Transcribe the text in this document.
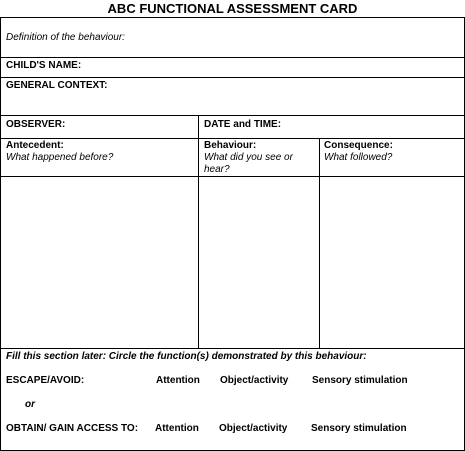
ABC FUNCTIONAL ASSESSMENT CARD
Definition of the behaviour:
CHILD'S NAME:
GENERAL CONTEXT:
OBSERVER:	DATE and TIME:
Antecedent:
What happened before?
Behaviour:
What did you see or hear?
Consequence:
What followed?
Fill this section later: Circle the function(s) demonstrated by this behaviour:
ESCAPE/AVOID:	Attention Object/activity Sensory stimulation
or
OBTAIN/ GAIN ACCESS TO: Attention Object/activity Sensory stimulation
